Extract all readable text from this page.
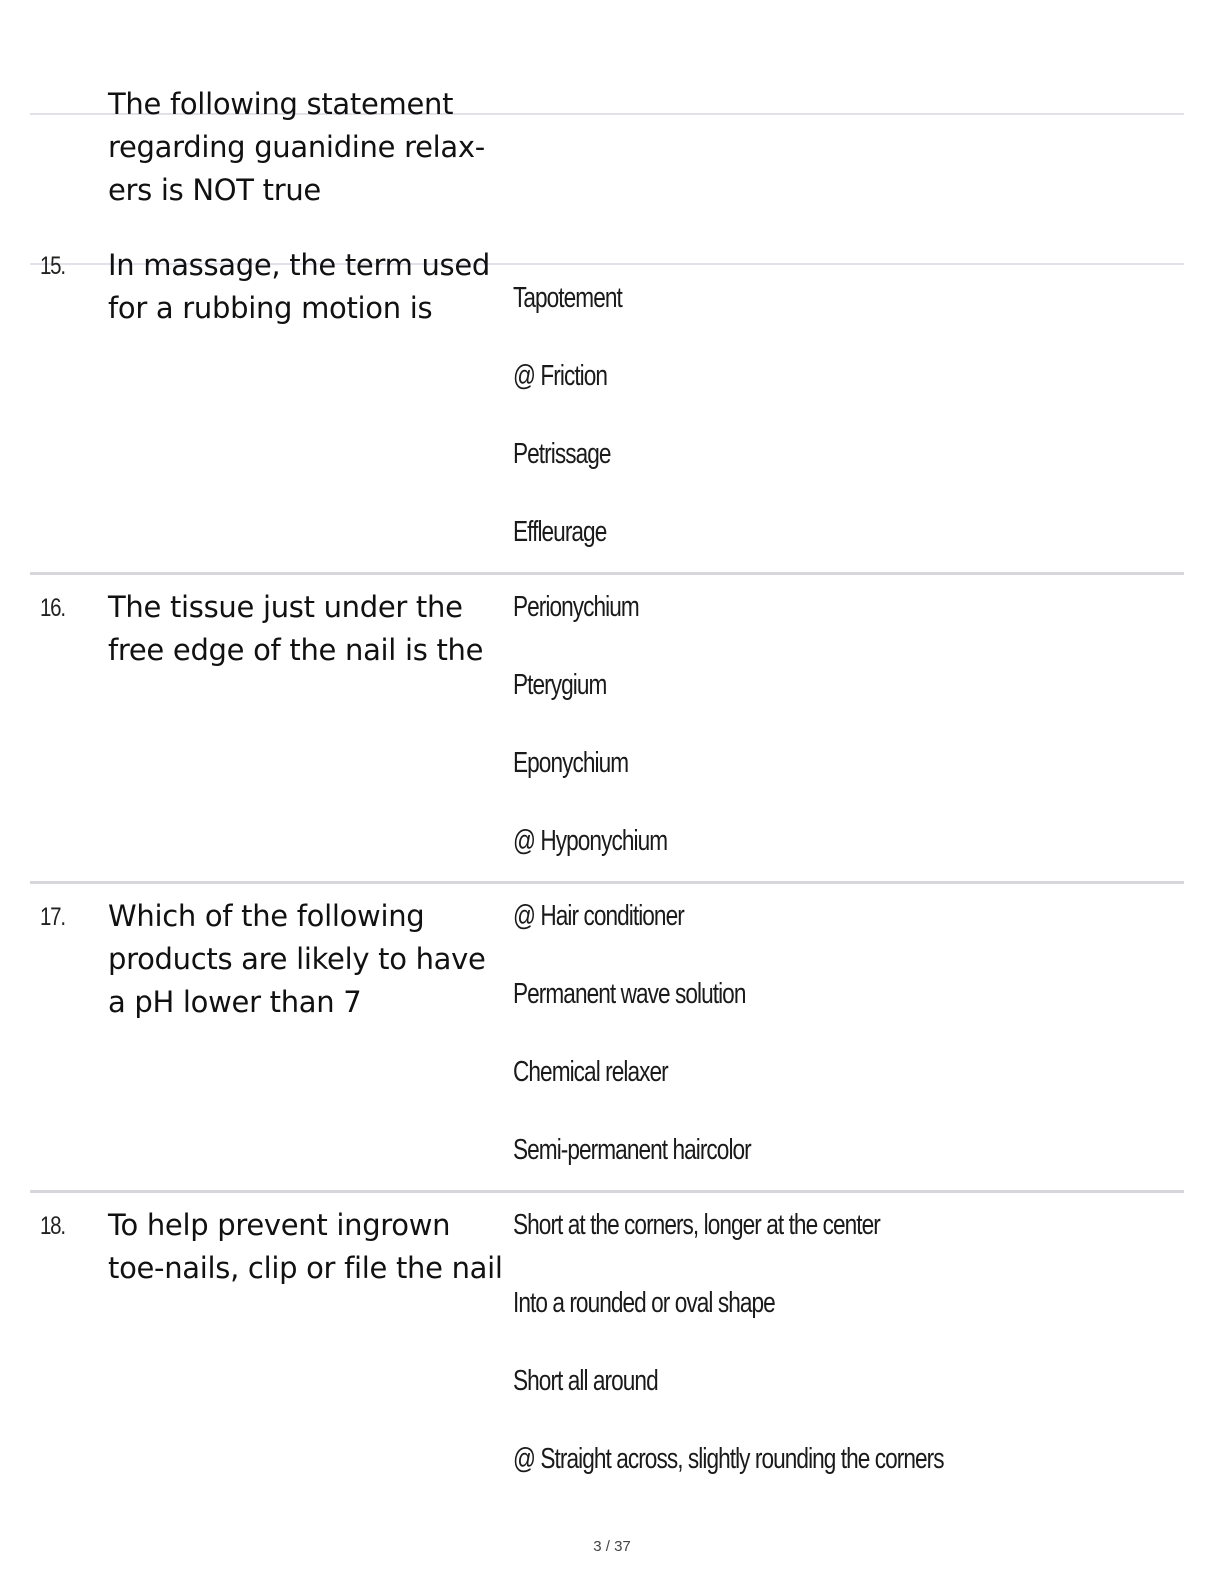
The following statement regarding guanidine relax-ers is NOT true
15. In massage, the term used for a rubbing motion is	Tapotement
@ Friction
Petrissage
Effleurage
16. The tissue just under the free edge of the nail is the
Perionychium
Pterygium
Eponychium
@ Hyponychium
17. Which of the following products are likely to have a pH lower than 7
@ Hair conditioner
Permanent wave solution
Chemical relaxer
Semi-permanent haircolor
18. To help prevent ingrown toe-nails, clip or file the nail
Short at the corners, longer at the center
Into a rounded or oval shape
Short all around
@ Straight across, slightly rounding the corners
3 / 37
